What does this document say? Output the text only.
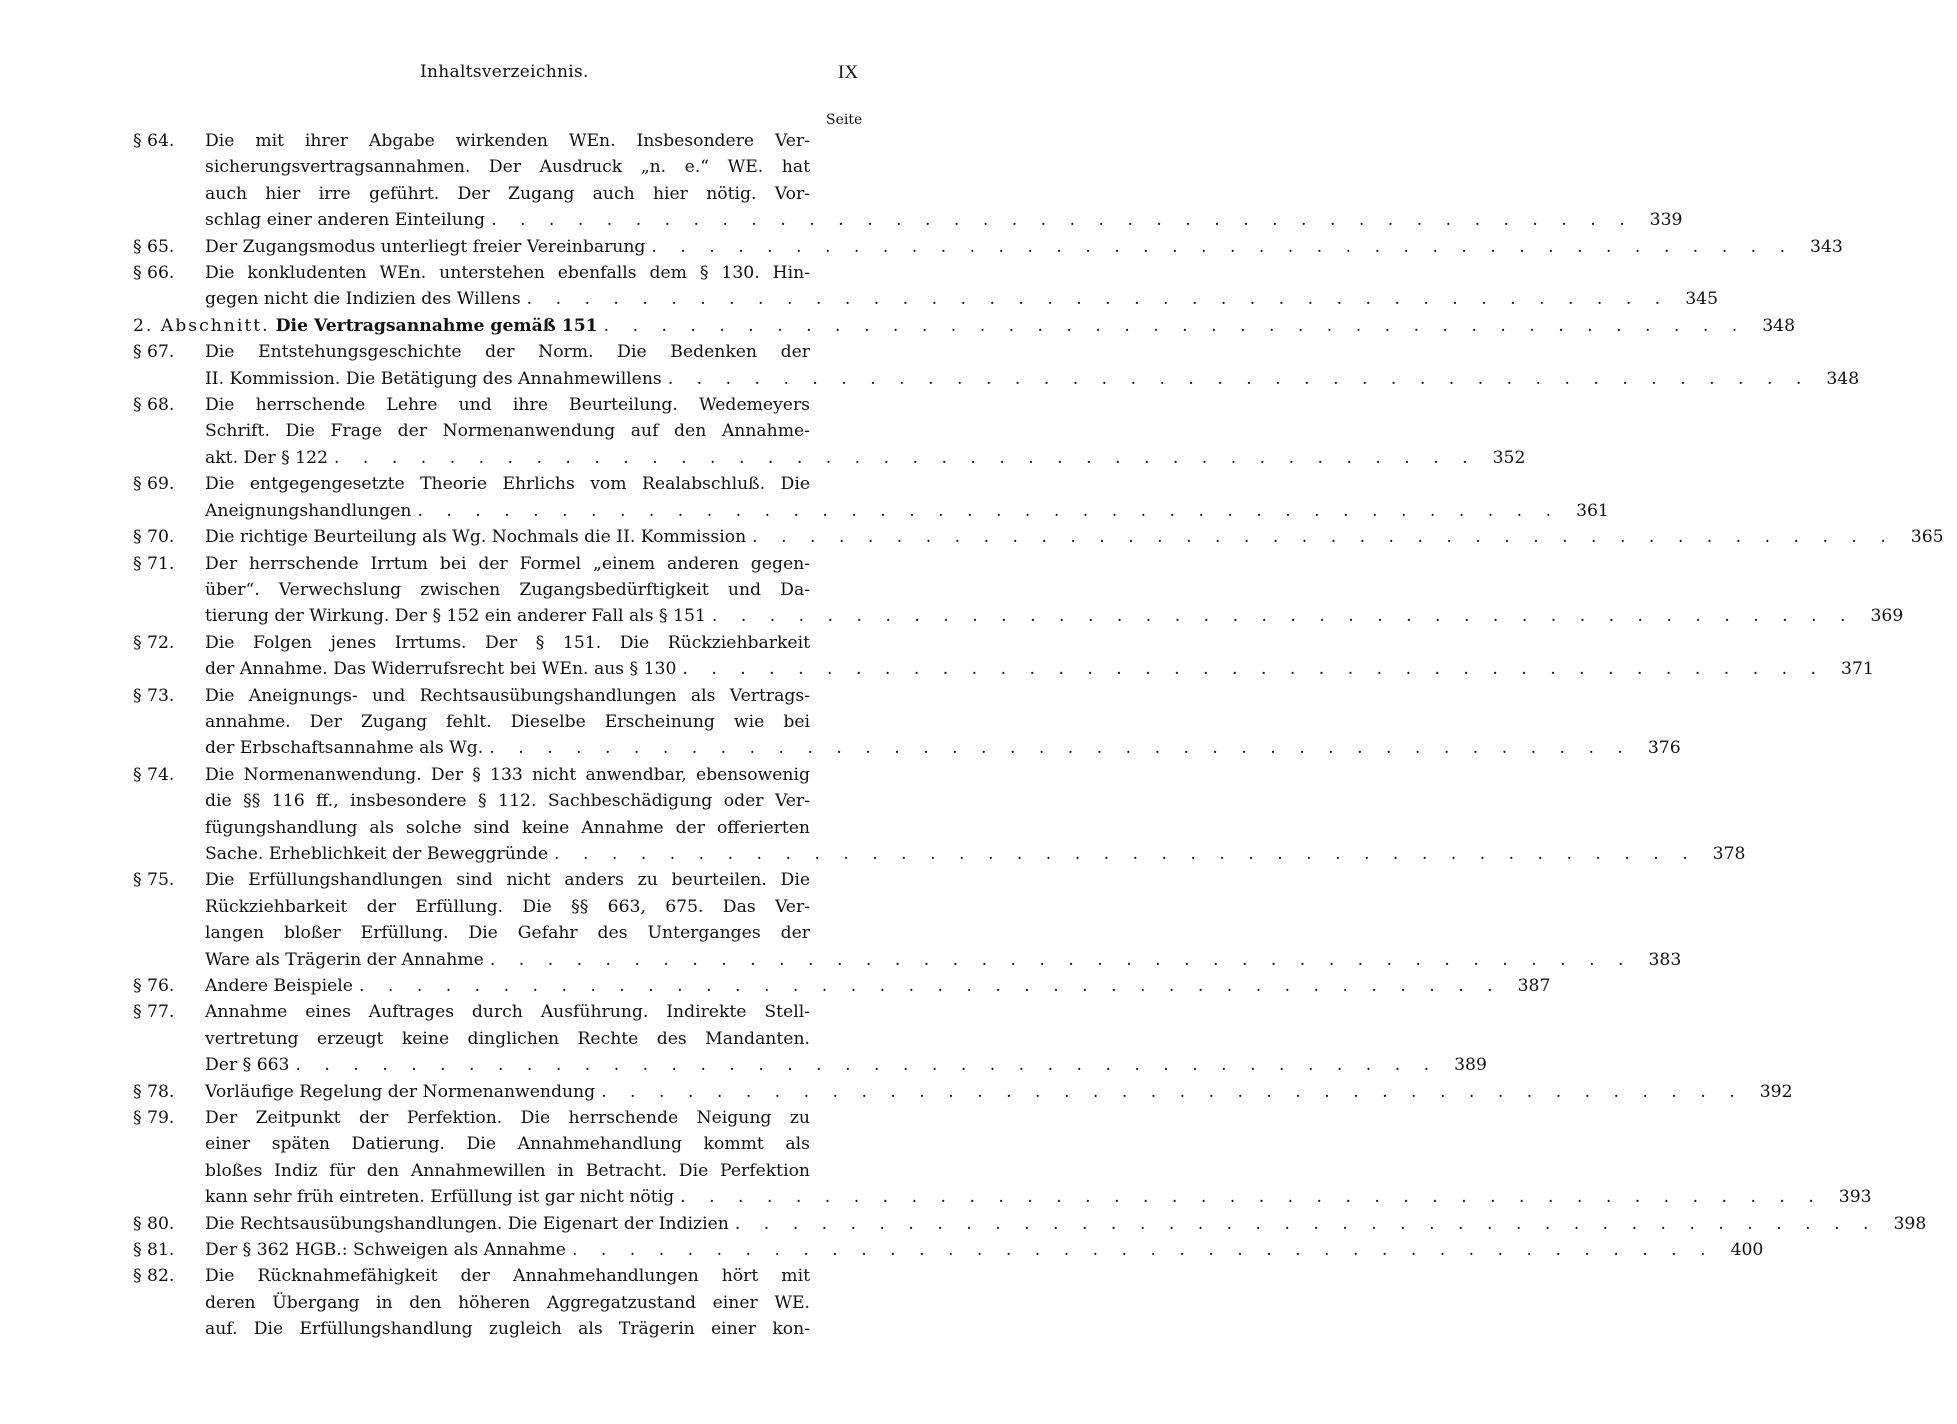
Inhaltsverzeichnis.	IX
Seite
§ 64.	Die mit ihrer Abgabe wirkenden WEn. Insbesondere Ver-
sicherungsvertragsannahmen. Der Ausdruck „n. e.“ WE. hat
auch hier irre geführt. Der Zugang auch hier nötig. Vor-
schlag einer anderen Einteilung . . . . . . . . . . . . . . . . . . . . . . . . . . . . . . . . . . . . . . . . 339
§ 65.	Der Zugangsmodus unterliegt freier Vereinbarung . . . . . . . . . . . . . . . . . . . . . . . . . . . . . . . . . . . . . . . . 343
§ 66.	Die konkludenten WEn. unterstehen ebenfalls dem § 130. Hin-
gegen nicht die Indizien des Willens . . . . . . . . . . . . . . . . . . . . . . . . . . . . . . . . . . . . . . . . 345
2. Abschnitt. Die Vertragsannahme gemäß 151 . . . . . . . . . . . . . . . . . . . . . . . . . . . . . . . . . . . . . . . . 348
§ 67.	Die Entstehungsgeschichte der Norm. Die Bedenken der
II. Kommission. Die Betätigung des Annahmewillens . . . . . . . . . . . . . . . . . . . . . . . . . . . . . . . . . . . . . . . . 348
§ 68.	Die herrschende Lehre und ihre Beurteilung. Wedemeyers
Schrift. Die Frage der Normenanwendung auf den Annahme-
akt. Der § 122 . . . . . . . . . . . . . . . . . . . . . . . . . . . . . . . . . . . . . . . . 352
§ 69.	Die entgegengesetzte Theorie Ehrlichs vom Realabschluß. Die
Aneignungshandlungen . . . . . . . . . . . . . . . . . . . . . . . . . . . . . . . . . . . . . . . . 361
§ 70.	Die richtige Beurteilung als Wg. Nochmals die II. Kommission . . . . . . . . . . . . . . . . . . . . . . . . . . . . . . . . . . . . . . . . 365
§ 71.	Der herrschende Irrtum bei der Formel „einem anderen gegen-
über“. Verwechslung zwischen Zugangsbedürftigkeit und Da-
tierung der Wirkung. Der § 152 ein anderer Fall als § 151 . . . . . . . . . . . . . . . . . . . . . . . . . . . . . . . . . . . . . . . . 369
§ 72.	Die Folgen jenes Irrtums. Der § 151. Die Rückziehbarkeit
der Annahme. Das Widerrufsrecht bei WEn. aus § 130 . . . . . . . . . . . . . . . . . . . . . . . . . . . . . . . . . . . . . . . . 371
§ 73.	Die Aneignungs- und Rechtsausübungshandlungen als Vertrags-
annahme. Der Zugang fehlt. Dieselbe Erscheinung wie bei
der Erbschaftsannahme als Wg. . . . . . . . . . . . . . . . . . . . . . . . . . . . . . . . . . . . . . . . . 376
§ 74.	Die Normenanwendung. Der § 133 nicht anwendbar, ebensowenig
die §§ 116 ff., insbesondere § 112. Sachbeschädigung oder Ver-
fügungshandlung als solche sind keine Annahme der offerierten
Sache. Erheblichkeit der Beweggründe . . . . . . . . . . . . . . . . . . . . . . . . . . . . . . . . . . . . . . . . 378
§ 75.	Die Erfüllungshandlungen sind nicht anders zu beurteilen. Die
Rückziehbarkeit der Erfüllung. Die §§ 663, 675. Das Ver-
langen bloßer Erfüllung. Die Gefahr des Unterganges der
Ware als Trägerin der Annahme . . . . . . . . . . . . . . . . . . . . . . . . . . . . . . . . . . . . . . . . 383
§ 76.	Andere Beispiele . . . . . . . . . . . . . . . . . . . . . . . . . . . . . . . . . . . . . . . . 387
§ 77.	Annahme eines Auftrages durch Ausführung. Indirekte Stell-
vertretung erzeugt keine dinglichen Rechte des Mandanten.
Der § 663 . . . . . . . . . . . . . . . . . . . . . . . . . . . . . . . . . . . . . . . . 389
§ 78.	Vorläufige Regelung der Normenanwendung . . . . . . . . . . . . . . . . . . . . . . . . . . . . . . . . . . . . . . . . 392
§ 79.	Der Zeitpunkt der Perfektion. Die herrschende Neigung zu
einer späten Datierung. Die Annahmehandlung kommt als
bloßes Indiz für den Annahmewillen in Betracht. Die Perfektion
kann sehr früh eintreten. Erfüllung ist gar nicht nötig . . . . . . . . . . . . . . . . . . . . . . . . . . . . . . . . . . . . . . . . 393
§ 80.	Die Rechtsausübungshandlungen. Die Eigenart der Indizien . . . . . . . . . . . . . . . . . . . . . . . . . . . . . . . . . . . . . . . . 398
§ 81.	Der § 362 HGB.: Schweigen als Annahme . . . . . . . . . . . . . . . . . . . . . . . . . . . . . . . . . . . . . . . . 400
§ 82.	Die Rücknahmefähigkeit der Annahmehandlungen hört mit
deren Übergang in den höheren Aggregatzustand einer WE.
auf. Die Erfüllungshandlung zugleich als Trägerin einer kon-
